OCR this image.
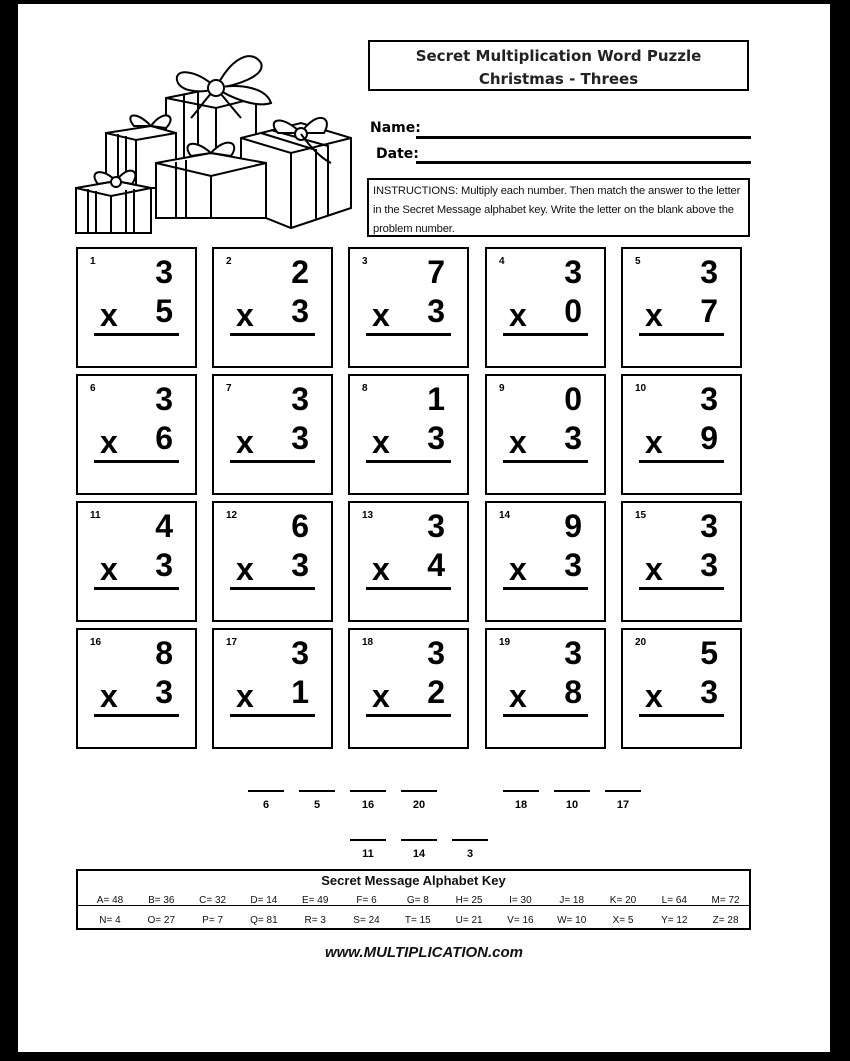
Secret Multiplication Word Puzzle
Christmas - Threes
Name:
Date:
INSTRUCTIONS: Multiply each number. Then match the answer to the letter in the Secret Message alphabet key. Write the letter on the blank above the problem number.
1 3
x 5
2 2
x 3
3 7
x 3
4 3
x 0
5 3
x 7
6 3
x 6
7 3
x 3
8 1
x 3
9 0
x 3
10 3
x 9
11 4
x 3
12 6
x 3
13 3
x 4
14 9
x 3
15 3
x 3
16 8
x 3
17 3
x 1
18 3
x 2
19 3
x 8
20 5
x 3
6	5	16	20	18	10	17
11	14	3
Secret Message Alphabet Key
A= 48	B= 36	C= 32	D= 14	E= 49	F= 6	G= 8	H= 25	I= 30	J= 18	K= 20	L= 64	M= 72
N= 4	O= 27	P= 7	Q= 81	R= 3	S= 24	T= 15	U= 21	V= 16	W= 10	X= 5	Y= 12	Z= 28
www.MULTIPLICATION.com
